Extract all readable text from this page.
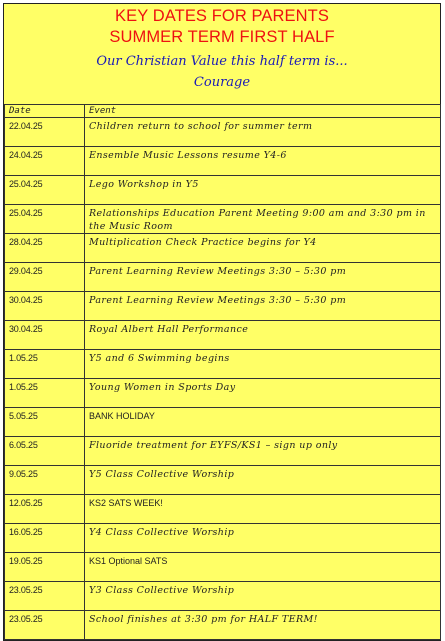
KEY DATES FOR PARENTS

SUMMER TERM FIRST HALF

Our Christian Value this half term is...

Courage

Date	Event
22.04.25	Children return to school for summer term
24.04.25	Ensemble Music Lessons resume Y4-6
25.04.25	Lego Workshop in Y5
25.04.25	Relationships Education Parent Meeting 9:00 am and 3:30 pm in the Music Room
28.04.25	Multiplication Check Practice begins for Y4
29.04.25	Parent Learning Review Meetings 3:30 – 5:30 pm
30.04.25	Parent Learning Review Meetings 3:30 – 5:30 pm
30.04.25	Royal Albert Hall Performance
1.05.25	Y5 and 6 Swimming begins
1.05.25	Young Women in Sports Day
5.05.25	BANK HOLIDAY
6.05.25	Fluoride treatment for EYFS/KS1 – sign up only
9.05.25	Y5 Class Collective Worship
12.05.25	KS2 SATS WEEK!
16.05.25	Y4 Class Collective Worship
19.05.25	KS1 Optional SATS
23.05.25	Y3 Class Collective Worship
23.05.25	School finishes at 3:30 pm for HALF TERM!
